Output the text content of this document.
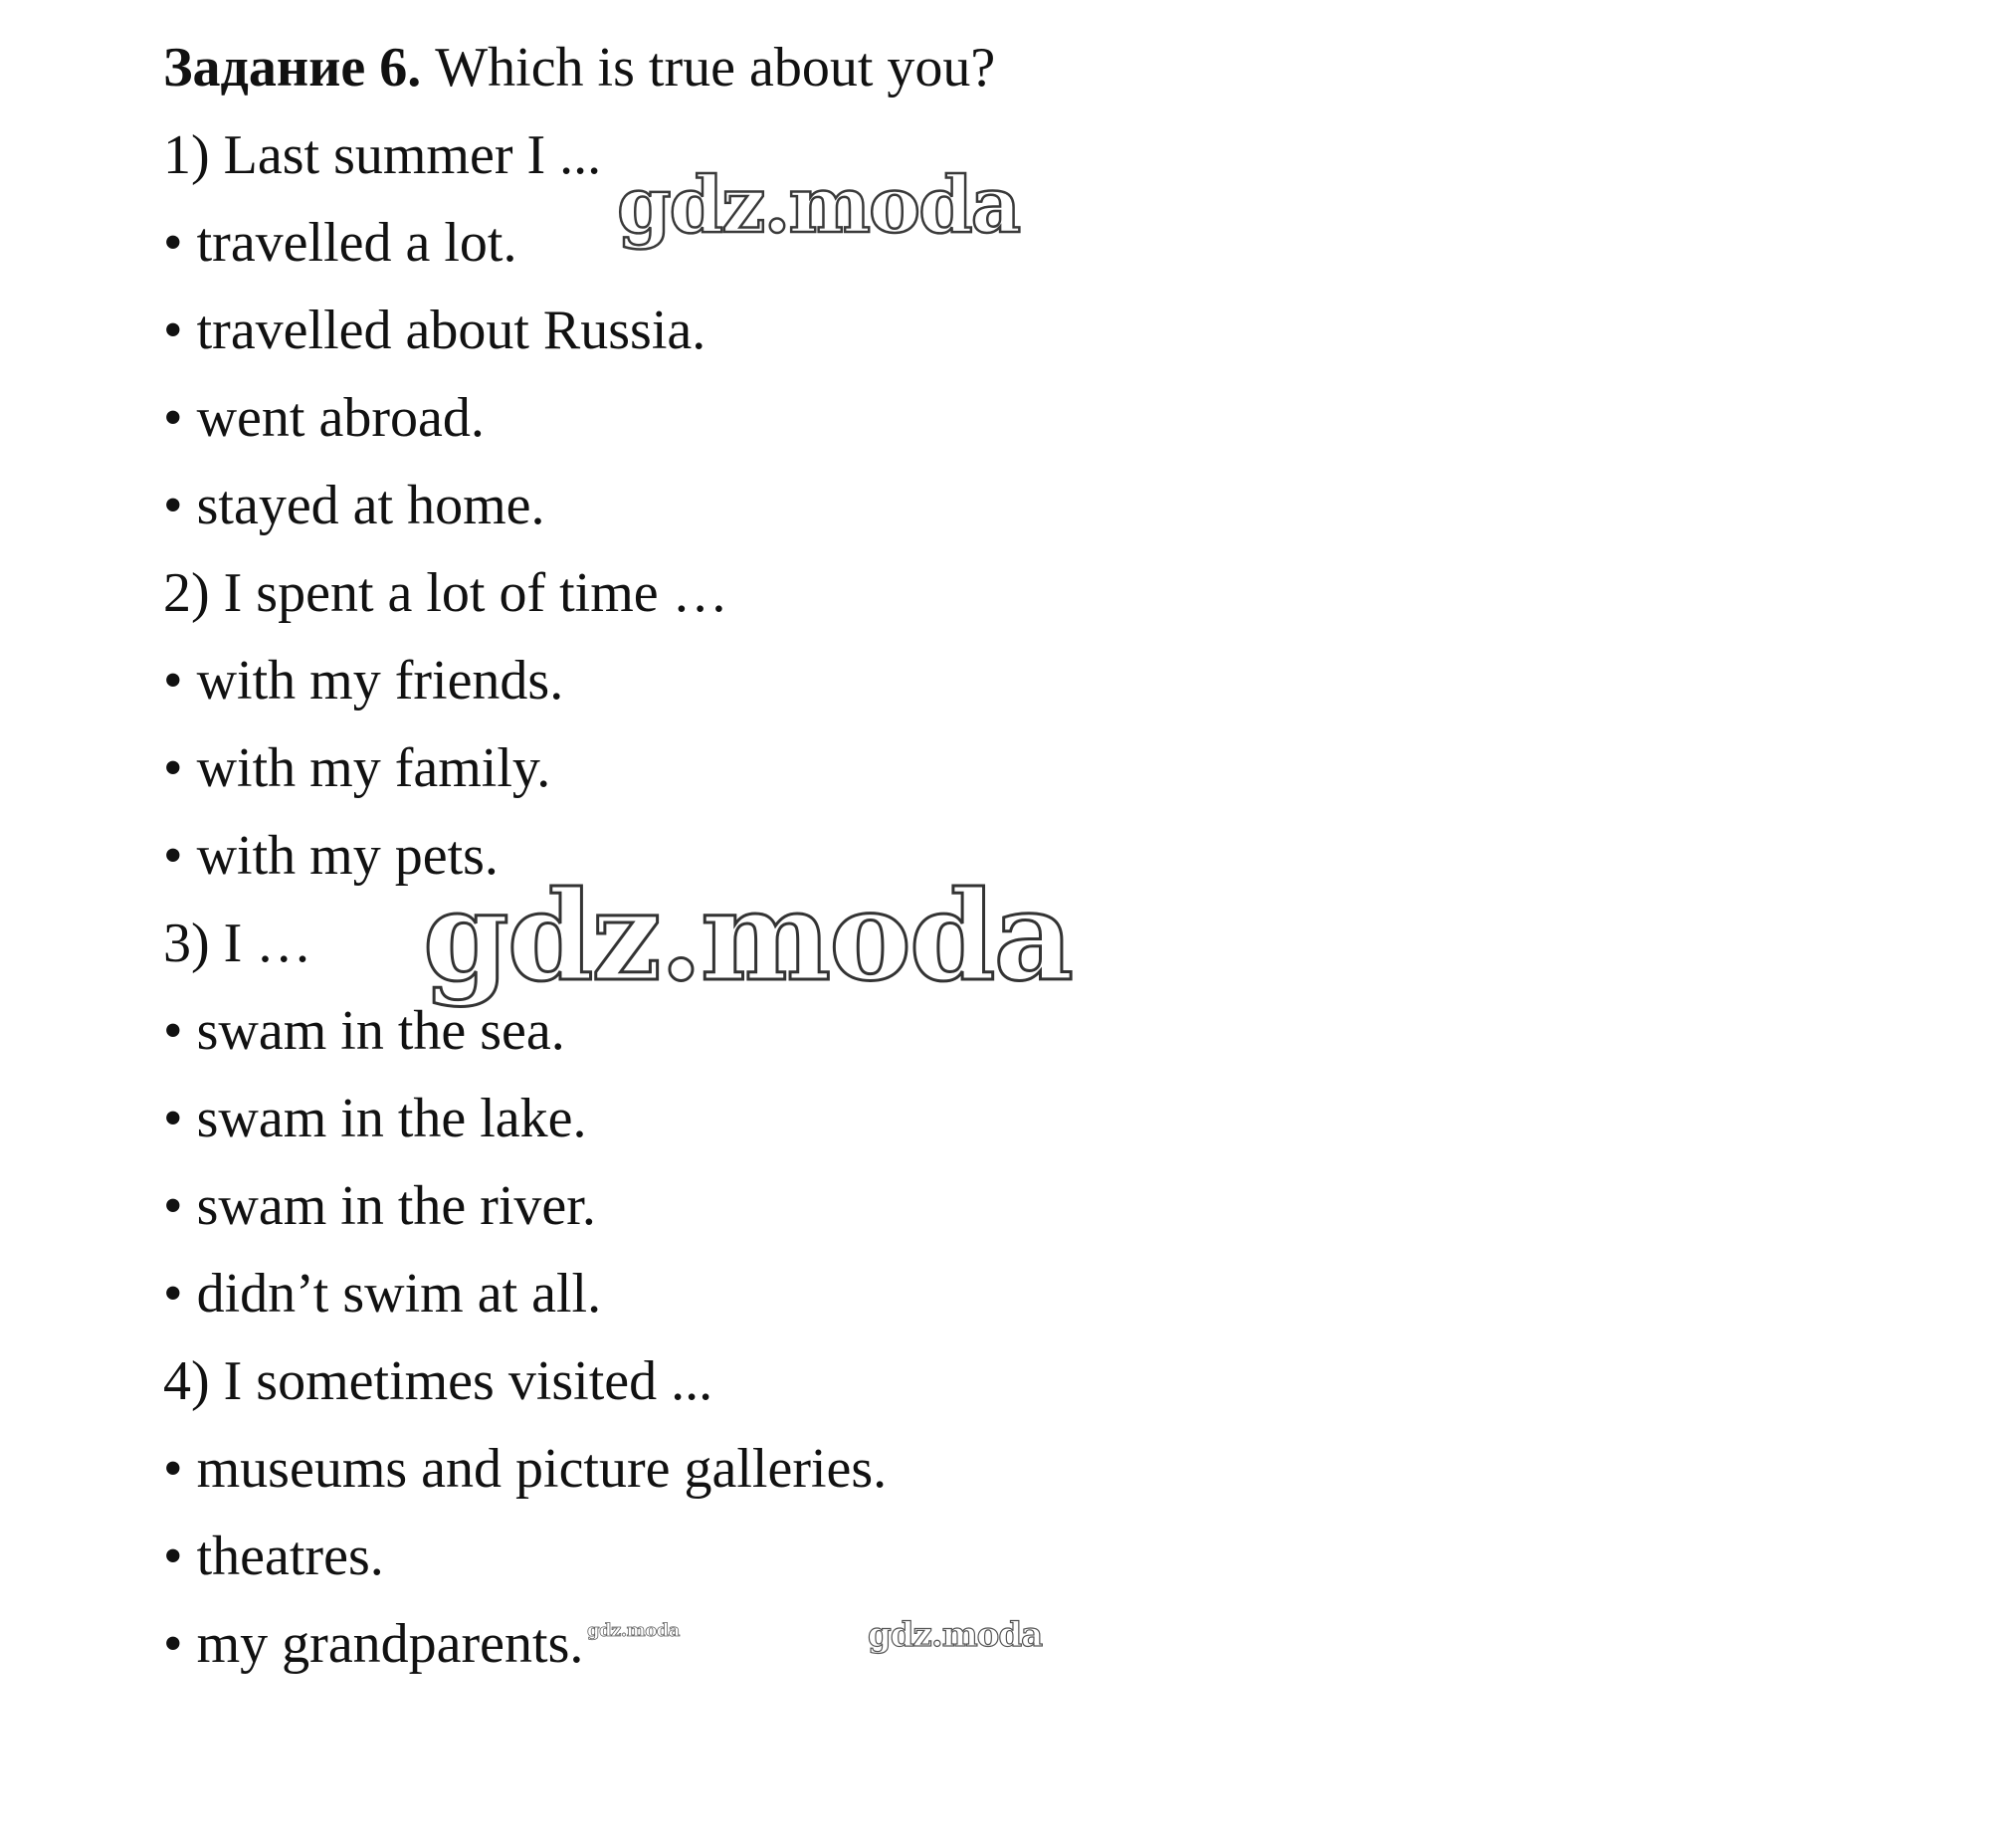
Задание 6. Which is true about you?
1) Last summer I ...
• travelled a lot.
• travelled about Russia.
• went abroad.
• stayed at home.
2) I spent a lot of time …
• with my friends.
• with my family.
• with my pets.
3) I …
• swam in the sea.
• swam in the lake.
• swam in the river.
• didn’t swim at all.
4) I sometimes visited ...
• museums and picture galleries.
• theatres.
• my grandparents.
gdz.moda
gdz.moda
gdz.moda
gdz.moda
